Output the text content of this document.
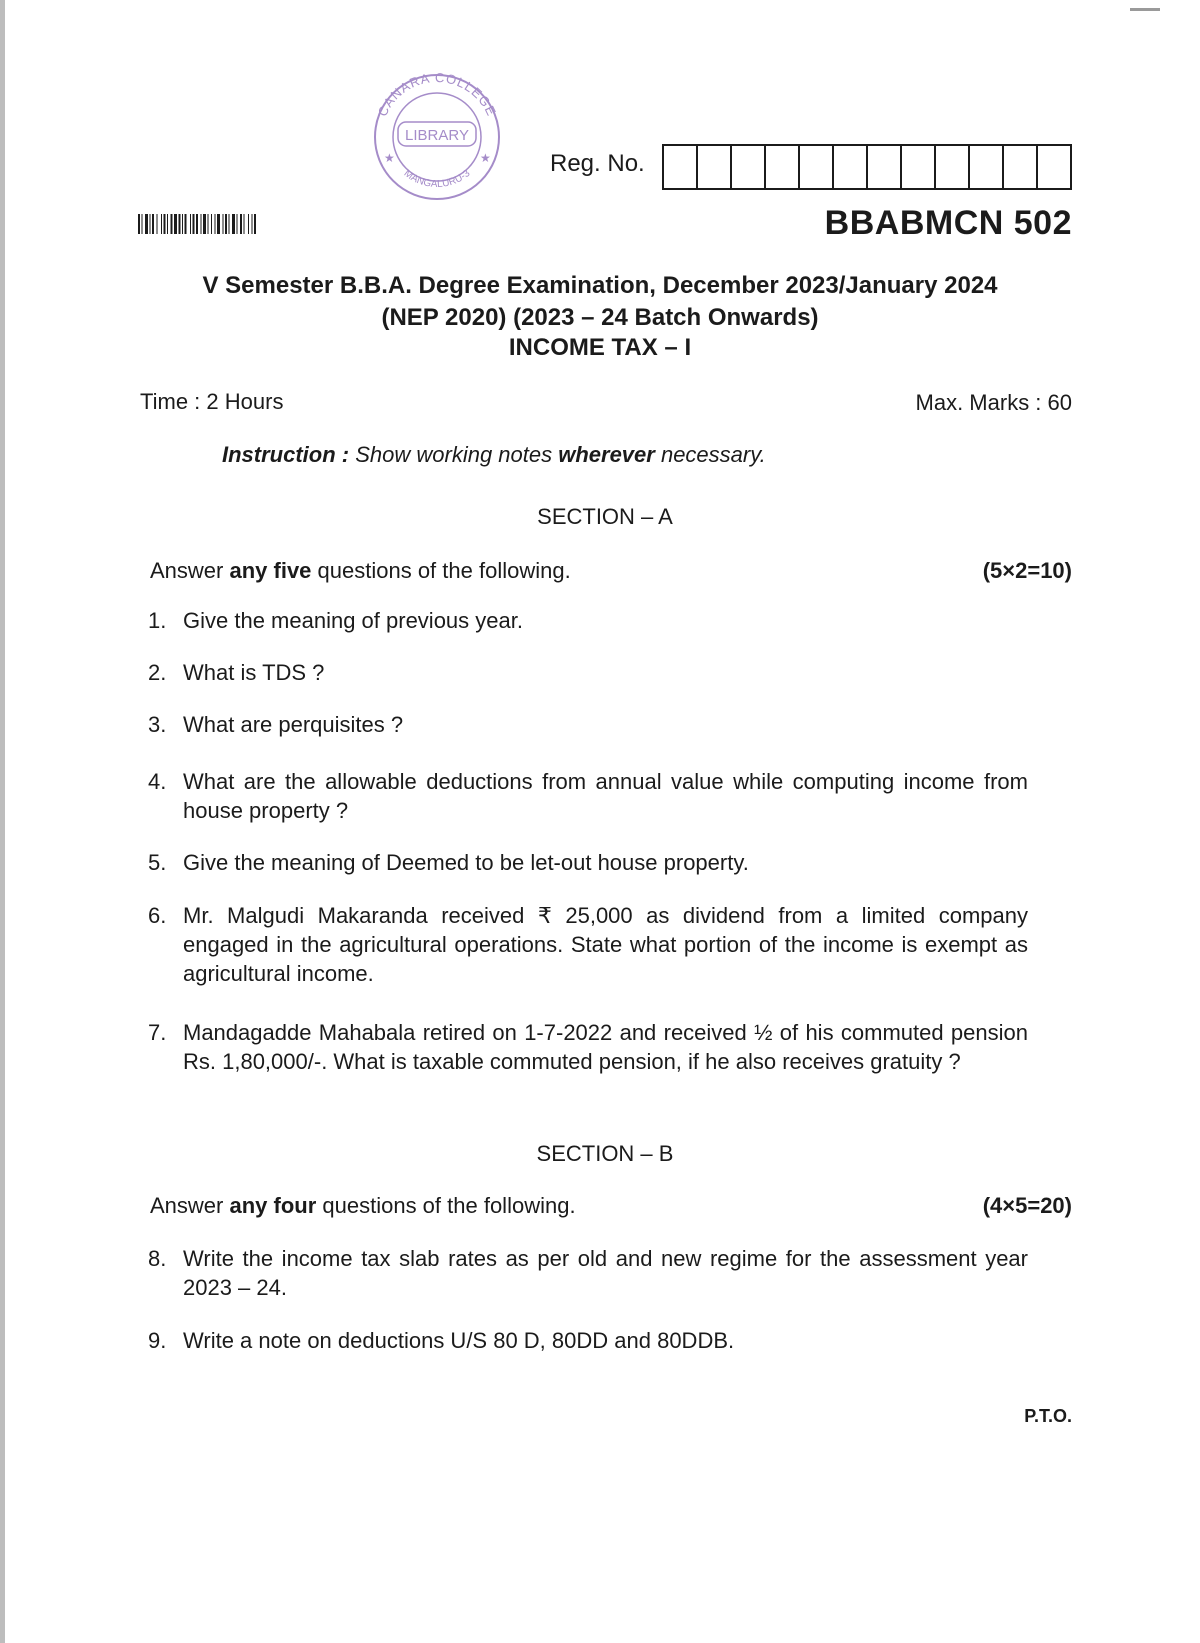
CANARA COLLEGE
LIBRARY
MANGALURU-3
★	★ Reg. No.
BBABMCN 502
V Semester B.B.A. Degree Examination, December 2023/January 2024
(NEP 2020) (2023 – 24 Batch Onwards)
INCOME TAX – I
Time : 2 Hours	Max. Marks : 60
Instruction : Show working notes wherever necessary.
SECTION – A
Answer any five questions of the following.	(5×2=10)
1. Give the meaning of previous year.
2. What is TDS ?
3. What are perquisites ?
4. What are the allowable deductions from annual value while computing income from house property ?
5. Give the meaning of Deemed to be let-out house property.
6. Mr. Malgudi Makaranda received ₹ 25,000 as dividend from a limited company engaged in the agricultural operations. State what portion of the income is exempt as agricultural income.
7. Mandagadde Mahabala retired on 1-7-2022 and received ½ of his commuted pension Rs. 1,80,000/-. What is taxable commuted pension, if he also receives gratuity ?
SECTION – B
Answer any four questions of the following.	(4×5=20)
8. Write the income tax slab rates as per old and new regime for the assessment year 2023 – 24.
9. Write a note on deductions U/S 80 D, 80DD and 80DDB.
P.T.O.
